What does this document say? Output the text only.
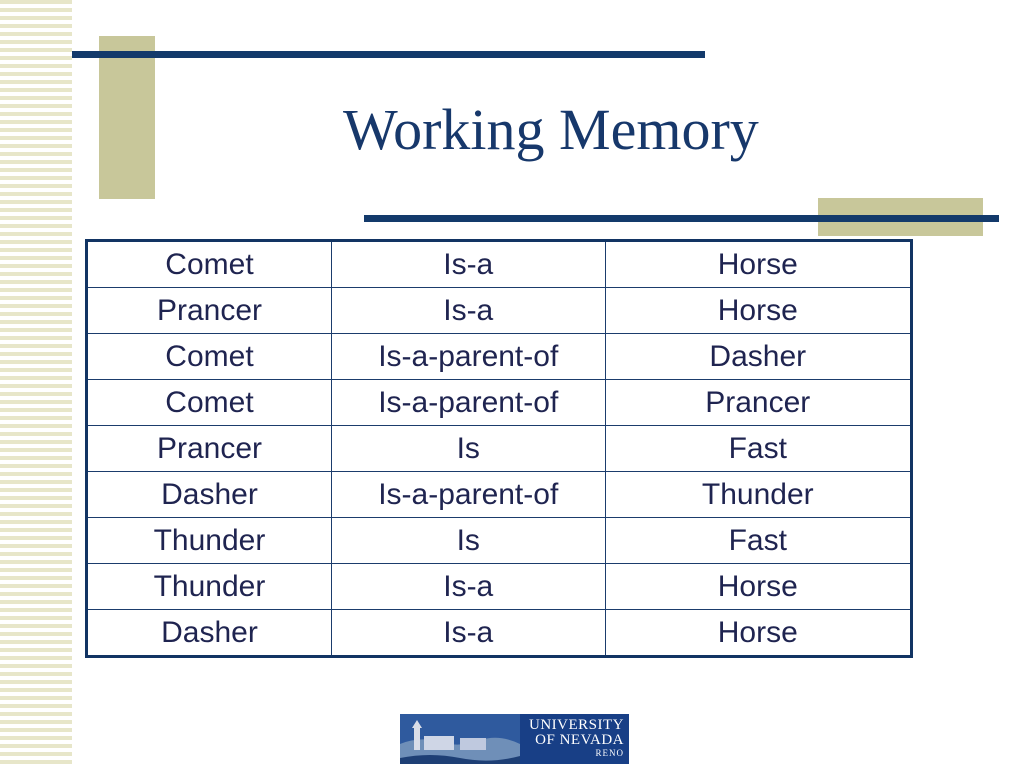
Working Memory
Comet	Is-a	Horse
Prancer	Is-a	Horse
Comet	Is-a-parent-of	Dasher
Comet	Is-a-parent-of	Prancer
Prancer	Is	Fast
Dasher	Is-a-parent-of	Thunder
Thunder	Is	Fast
Thunder	Is-a	Horse
Dasher	Is-a	Horse
UNIVERSITY
OF NEVADA
RENO
